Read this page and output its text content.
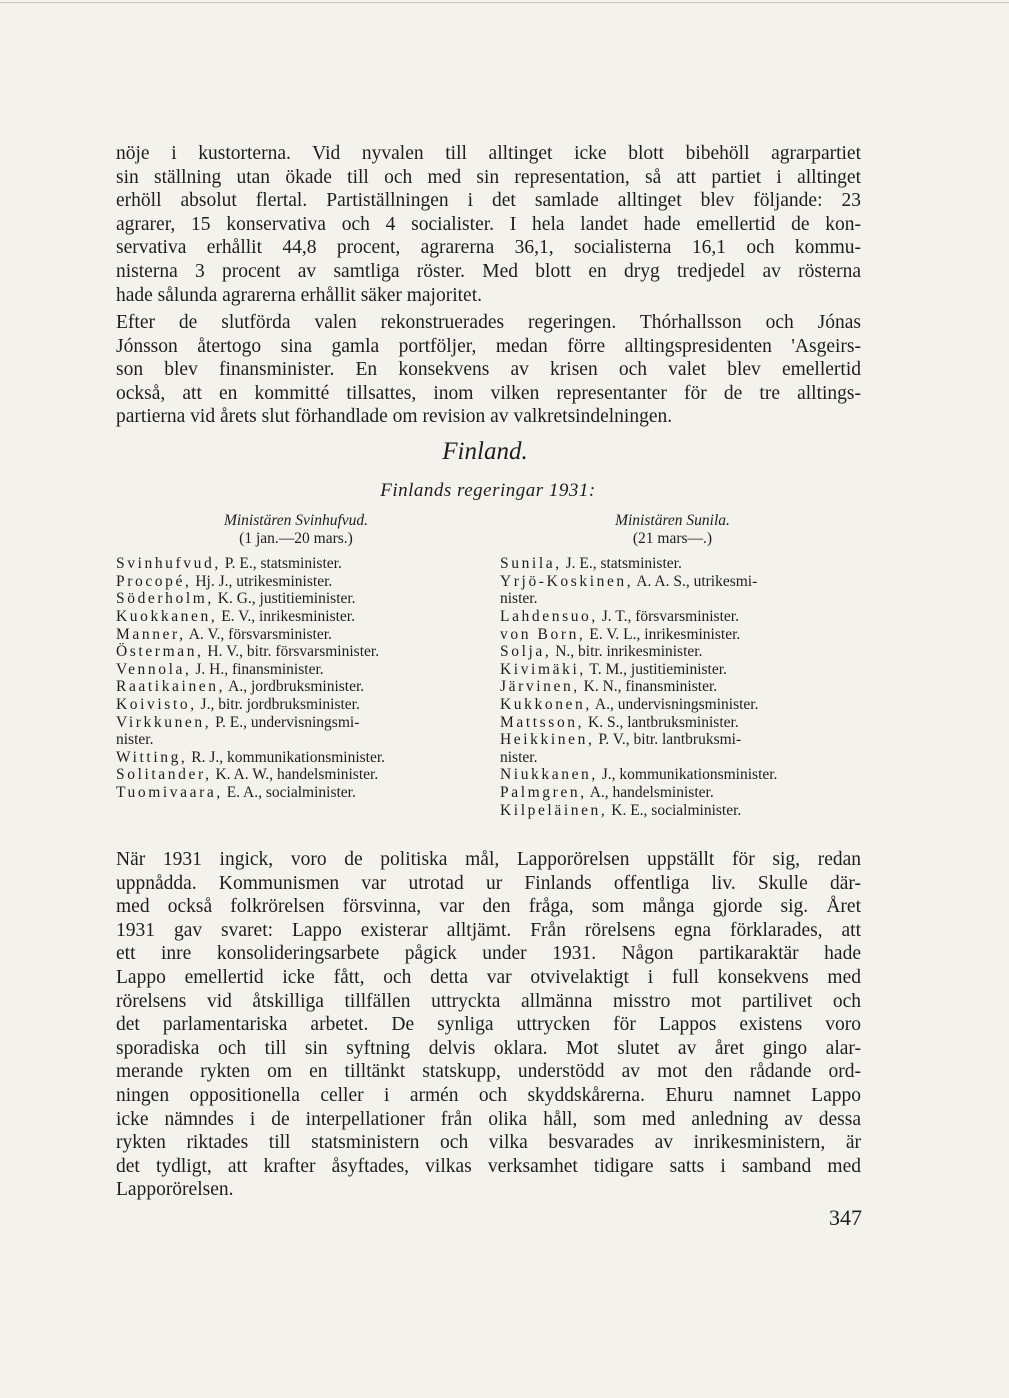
nöje i kustorterna. Vid nyvalen till alltinget icke blott bibehöll agrarpartiet
sin ställning utan ökade till och med sin representation, så att partiet i alltinget
erhöll absolut flertal. Partiställningen i det samlade alltinget blev följande: 23
agrarer, 15 konservativa och 4 socialister. I hela landet hade emellertid de kon-
servativa erhållit 44,8 procent, agrarerna 36,1, socialisterna 16,1 och kommu-
nisterna 3 procent av samtliga röster. Med blott en dryg tredjedel av rösterna
hade sålunda agrarerna erhållit säker majoritet.
Efter de slutförda valen rekonstruerades regeringen. Thórhallsson och Jónas
Jónsson återtogo sina gamla portföljer, medan förre alltingspresidenten 'Asgeirs-
son blev finansminister. En konsekvens av krisen och valet blev emellertid
också, att en kommitté tillsattes, inom vilken representanter för de tre alltings-
partierna vid årets slut förhandlade om revision av valkretsindelningen.
Finland.
Finlands regeringar 1931:
Ministären Svinhufvud.
(1 jan.—20 mars.)
Svinhufvud, P. E., statsminister.
Procopé, Hj. J., utrikesminister.
Söderholm, K. G., justitieminister.
Kuokkanen, E. V., inrikesminister.
Manner, A. V., försvarsminister.
Österman, H. V., bitr. försvarsminister.
Vennola, J. H., finansminister.
Raatikainen, A., jordbruksminister.
Koivisto, J., bitr. jordbruksminister.
Virkkunen, P. E., undervisningsmi-
nister.
Witting, R. J., kommunikationsminister.
Solitander, K. A. W., handelsminister.
Tuomivaara, E. A., socialminister.
Ministären Sunila.
(21 mars—.)
Sunila, J. E., statsminister.
Yrjö-Koskinen, A. A. S., utrikesmi-
nister.
Lahdensuo, J. T., försvarsminister.
von Born, E. V. L., inrikesminister.
Solja, N., bitr. inrikesminister.
Kivimäki, T. M., justitieminister.
Järvinen, K. N., finansminister.
Kukkonen, A., undervisningsminister.
Mattsson, K. S., lantbruksminister.
Heikkinen, P. V., bitr. lantbruksmi-
nister.
Niukkanen, J., kommunikationsminister.
Palmgren, A., handelsminister.
Kilpeläinen, K. E., socialminister.
När 1931 ingick, voro de politiska mål, Lapporörelsen uppställt för sig, redan
uppnådda. Kommunismen var utrotad ur Finlands offentliga liv. Skulle där-
med också folkrörelsen försvinna, var den fråga, som många gjorde sig. Året
1931 gav svaret: Lappo existerar alltjämt. Från rörelsens egna förklarades, att
ett inre konsolideringsarbete pågick under 1931. Någon partikaraktär hade
Lappo emellertid icke fått, och detta var otvivelaktigt i full konsekvens med
rörelsens vid åtskilliga tillfällen uttryckta allmänna misstro mot partilivet och
det parlamentariska arbetet. De synliga uttrycken för Lappos existens voro
sporadiska och till sin syftning delvis oklara. Mot slutet av året gingo alar-
merande rykten om en tilltänkt statskupp, understödd av mot den rådande ord-
ningen oppositionella celler i armén och skyddskårerna. Ehuru namnet Lappo
icke nämndes i de interpellationer från olika håll, som med anledning av dessa
rykten riktades till statsministern och vilka besvarades av inrikesministern, är
det tydligt, att krafter åsyftades, vilkas verksamhet tidigare satts i samband med
Lapporörelsen.
347
